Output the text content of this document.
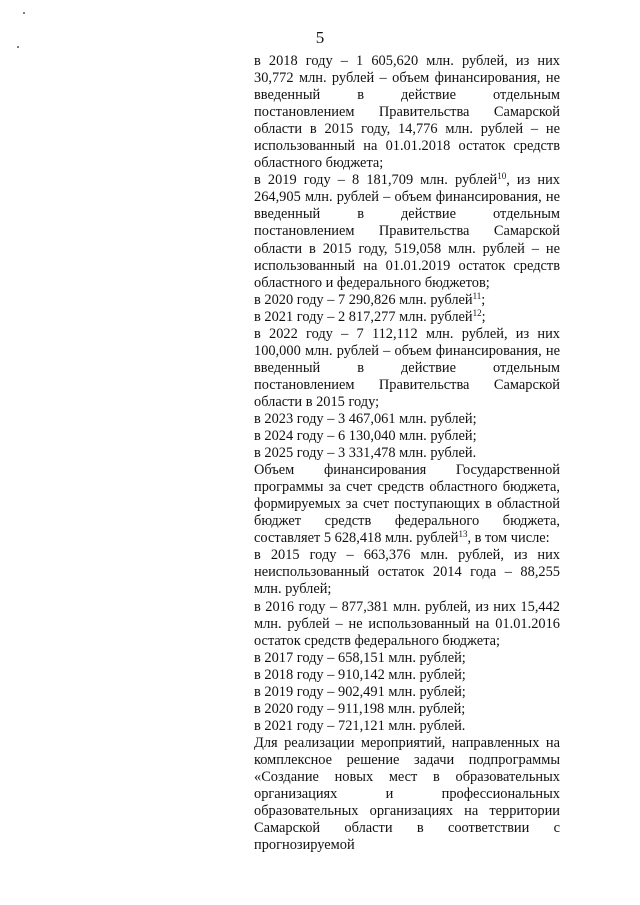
5

в 2018 году – 1 605,620 млн. рублей, из них 30,772 млн. рублей – объем финансирования, не введенный в действие отдельным постановлением Правительства Самарской области в 2015 году, 14,776 млн. рублей – не использованный на 01.01.2018 остаток средств областного бюджета;

в 2019 году – 8 181,709 млн. рублей$^{10}$, из них 264,905 млн. рублей – объем финансирования, не введенный в действие отдельным постановлением Правительства Самарской области в 2015 году, 519,058 млн. рублей – не использованный на 01.01.2019 остаток средств областного и федерального бюджетов;

в 2020 году – 7 290,826 млн. рублей$^{11}$;

в 2021 году – 2 817,277 млн. рублей$^{12}$;

в 2022 году – 7 112,112 млн. рублей, из них 100,000 млн. рублей – объем финансирования, не введенный в действие отдельным постановлением Правительства Самарской области в 2015 году;

в 2023 году – 3 467,061 млн. рублей;

в 2024 году – 6 130,040 млн. рублей;

в 2025 году – 3 331,478 млн. рублей.

Объем финансирования Государственной программы за счет средств областного бюджета, формируемых за счет поступающих в областной бюджет средств федерального бюджета, составляет 5 628,418 млн. рублей$^{13}$, в том числе:

в 2015 году – 663,376 млн. рублей, из них неиспользованный остаток 2014 года – 88,255 млн. рублей;

в 2016 году – 877,381 млн. рублей, из них 15,442 млн. рублей – не использованный на 01.01.2016 остаток средств федерального бюджета;

в 2017 году – 658,151 млн. рублей;

в 2018 году – 910,142 млн. рублей;

в 2019 году – 902,491 млн. рублей;

в 2020 году – 911,198 млн. рублей;

в 2021 году – 721,121 млн. рублей.

Для реализации мероприятий, направленных на комплексное решение задачи подпрограммы «Создание новых мест в образовательных организациях и профессиональных образовательных организациях на территории Самарской области в соответствии с прогнозируемой
